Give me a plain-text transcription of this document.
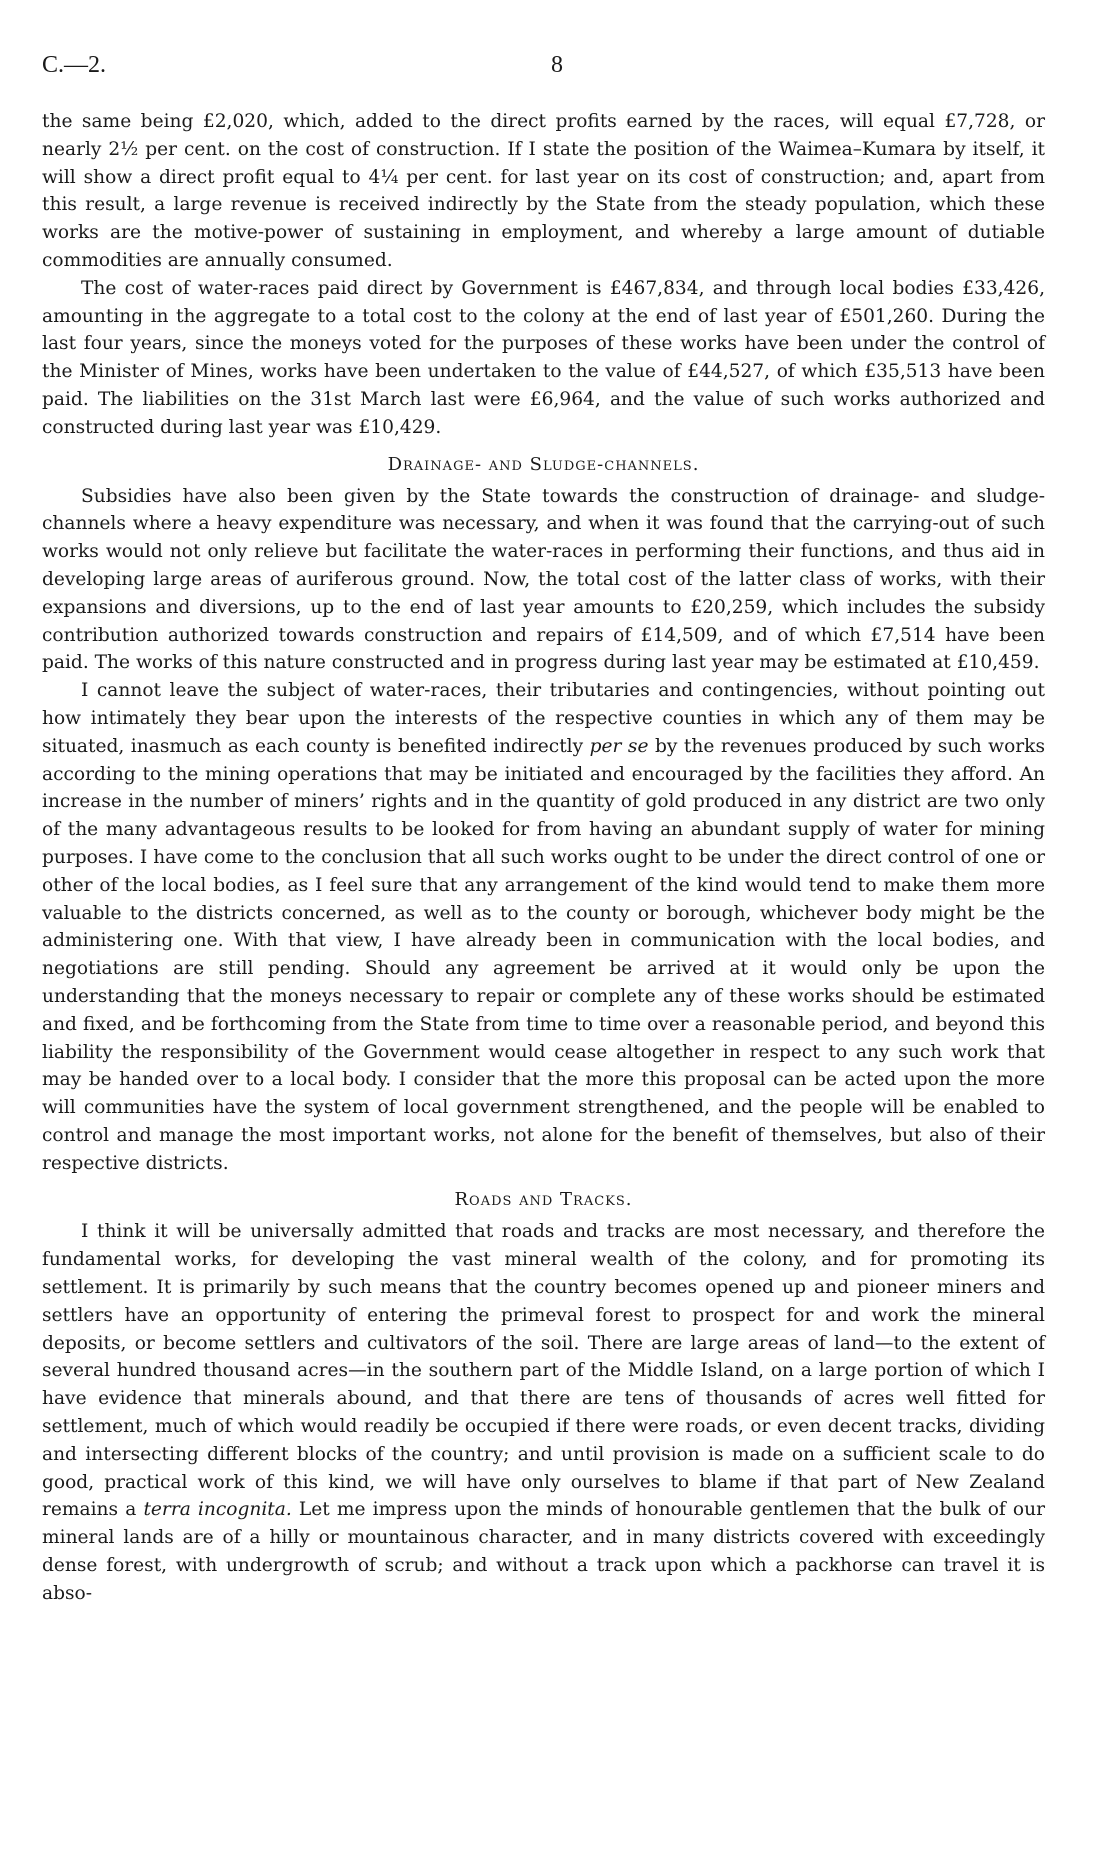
C.—2.	8

the same being £2,020, which, added to the direct profits earned by the races, will equal £7,728, or nearly 2½ per cent. on the cost of construction. If I state the position of the Waimea–Kumara by itself, it will show a direct profit equal to 4¼ per cent. for last year on its cost of construction; and, apart from this result, a large revenue is received indirectly by the State from the steady population, which these works are the motive-power of sustaining in employment, and whereby a large amount of dutiable commodities are annually consumed.

The cost of water-races paid direct by Government is £467,834, and through local bodies £33,426, amounting in the aggregate to a total cost to the colony at the end of last year of £501,260. During the last four years, since the moneys voted for the purposes of these works have been under the control of the Minister of Mines, works have been undertaken to the value of £44,527, of which £35,513 have been paid. The liabilities on the 31st March last were £6,964, and the value of such works authorized and constructed during last year was £10,429.

Drainage- and Sludge-channels.

Subsidies have also been given by the State towards the construction of drainage- and sludge-channels where a heavy expenditure was necessary, and when it was found that the carrying-out of such works would not only relieve but facilitate the water-races in performing their functions, and thus aid in developing large areas of auriferous ground. Now, the total cost of the latter class of works, with their expansions and diversions, up to the end of last year amounts to £20,259, which includes the subsidy contribution authorized towards construction and repairs of £14,509, and of which £7,514 have been paid. The works of this nature constructed and in progress during last year may be estimated at £10,459.

I cannot leave the subject of water-races, their tributaries and contingencies, without pointing out how intimately they bear upon the interests of the respective counties in which any of them may be situated, inasmuch as each county is benefited indirectly per se by the revenues produced by such works according to the mining operations that may be initiated and encouraged by the facilities they afford. An increase in the number of miners’ rights and in the quantity of gold produced in any district are two only of the many advantageous results to be looked for from having an abundant supply of water for mining purposes. I have come to the conclusion that all such works ought to be under the direct control of one or other of the local bodies, as I feel sure that any arrangement of the kind would tend to make them more valuable to the districts concerned, as well as to the county or borough, whichever body might be the administering one. With that view, I have already been in communication with the local bodies, and negotiations are still pending. Should any agreement be arrived at it would only be upon the understanding that the moneys necessary to repair or complete any of these works should be estimated and fixed, and be forthcoming from the State from time to time over a reasonable period, and beyond this liability the responsibility of the Government would cease altogether in respect to any such work that may be handed over to a local body. I consider that the more this proposal can be acted upon the more will communities have the system of local government strengthened, and the people will be enabled to control and manage the most important works, not alone for the benefit of themselves, but also of their respective districts.

Roads and Tracks.

I think it will be universally admitted that roads and tracks are most necessary, and therefore the fundamental works, for developing the vast mineral wealth of the colony, and for promoting its settlement. It is primarily by such means that the country becomes opened up and pioneer miners and settlers have an opportunity of entering the primeval forest to prospect for and work the mineral deposits, or become settlers and cultivators of the soil. There are large areas of land—to the extent of several hundred thousand acres—in the southern part of the Middle Island, on a large portion of which I have evidence that minerals abound, and that there are tens of thousands of acres well fitted for settlement, much of which would readily be occupied if there were roads, or even decent tracks, dividing and intersecting different blocks of the country; and until provision is made on a sufficient scale to do good, practical work of this kind, we will have only ourselves to blame if that part of New Zealand remains a terra incognita. Let me impress upon the minds of honourable gentlemen that the bulk of our mineral lands are of a hilly or mountainous character, and in many districts covered with exceedingly dense forest, with undergrowth of scrub; and without a track upon which a packhorse can travel it is abso-
